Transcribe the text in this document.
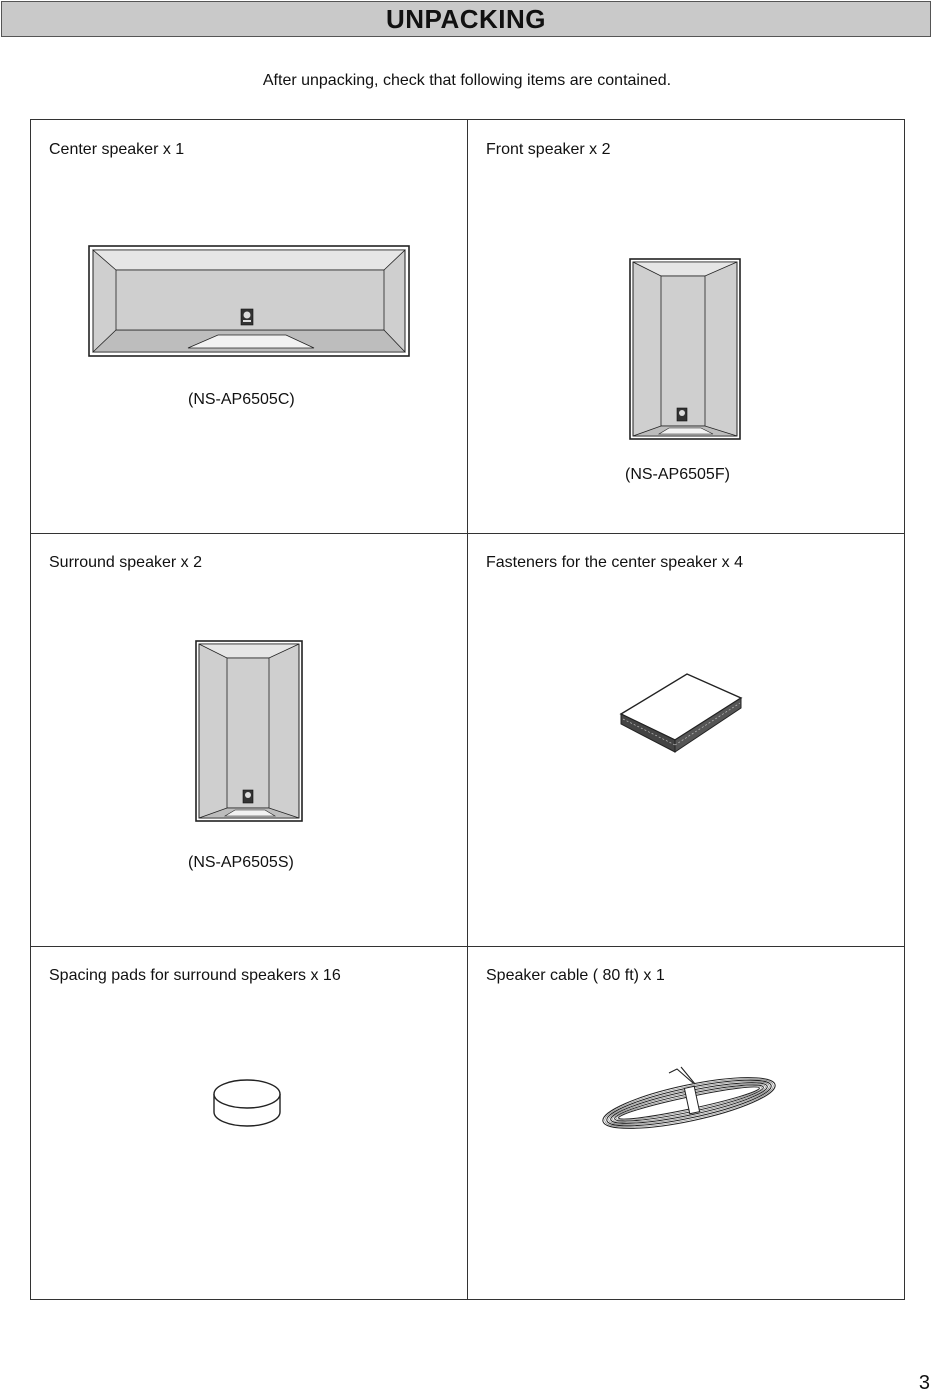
UNPACKING
After unpacking, check that following items are contained.
Center speaker x 1
(NS-AP6505C)
Front speaker x 2
(NS-AP6505F)
Surround speaker x 2
(NS-AP6505S)
Fasteners for the center speaker x 4
Spacing pads for surround speakers x 16	Speaker cable ( 80 ft) x 1
3
